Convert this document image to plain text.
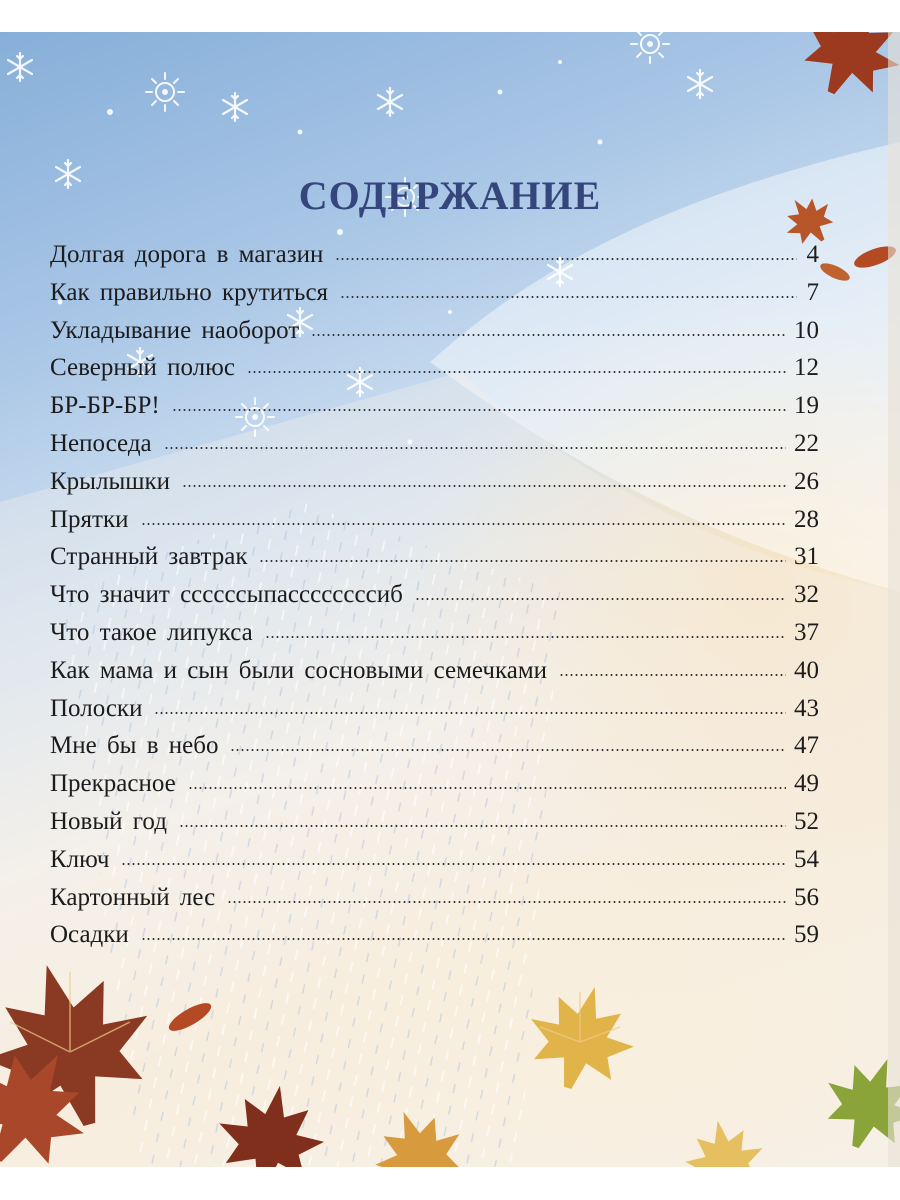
СОДЕРЖАНИЕ
Долгая дорога в магазин	4
Как правильно крутиться	7
Укладывание наоборот	10
Северный полюс	12
БР-БР-БР!	19
Непоседа	22
Крылышки	26
Прятки	28
Странный завтрак	31
Что значит ссссссыпассссссссиб	32
Что такое липукса	37
Как мама и сын были сосновыми семечками	40
Полоски	43
Мне бы в небо	47
Прекрасное	49
Новый год	52
Ключ	54
Картонный лес	56
Осадки	59
